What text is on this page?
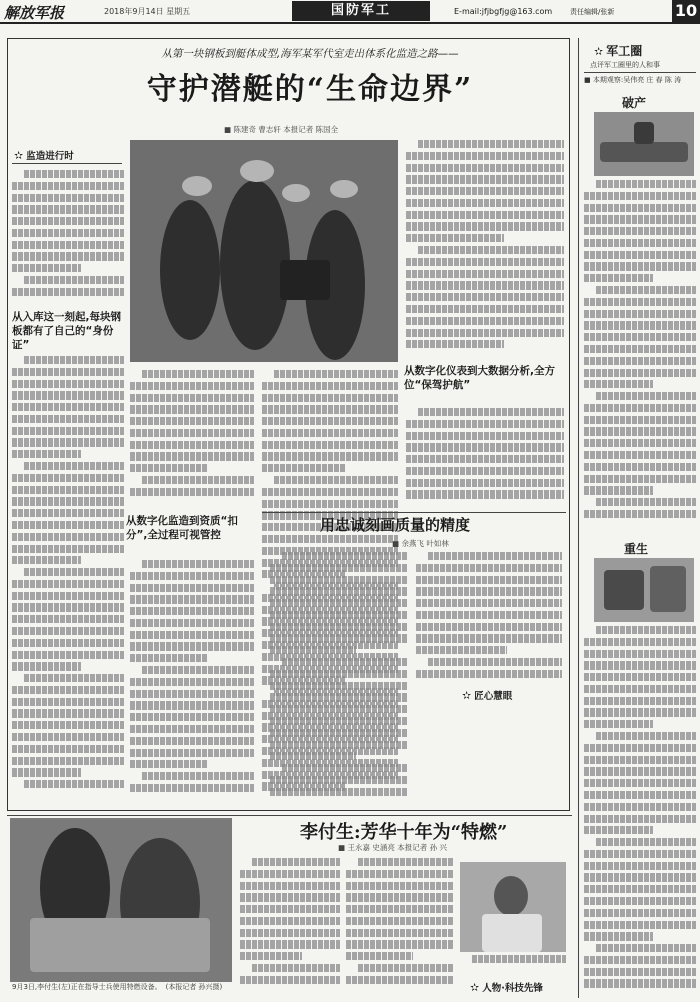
解放军报	2018年9月14日 星期五	国防军工	E-mail:jfjbgfjg@163.com	责任编辑/张新	10
从第一块钢板到艇体成型,海军某军代室走出体系化监造之路——
守护潜艇的“生命边界”
■ 陈建奇 曹志轩 本报记者 陈国全
✫ 监造进行时
从入库这一刻起,每块钢板都有了自己的“身份证”
从数字化监造到资质“扣分”,全过程可视管控
从数字化仪表到大数据分析,全方位“保驾护航”
用忠诚刻画质量的精度
■ 余燕飞 叶如林
✫ 匠心慧眼
✫ 军工圈
点评军工圈里的人和事
■ 本期观察:吴伟亮 庄 春 陈 涛
破产
重生
9月3日,李付生(左)正在指导士兵使用特燃设备。 (本报记者 孙兴摄)
李付生:芳华十年为“特燃”
■ 王永嘉 史涵亮 本报记者 孙 兴
✫ 人物·科技先锋
